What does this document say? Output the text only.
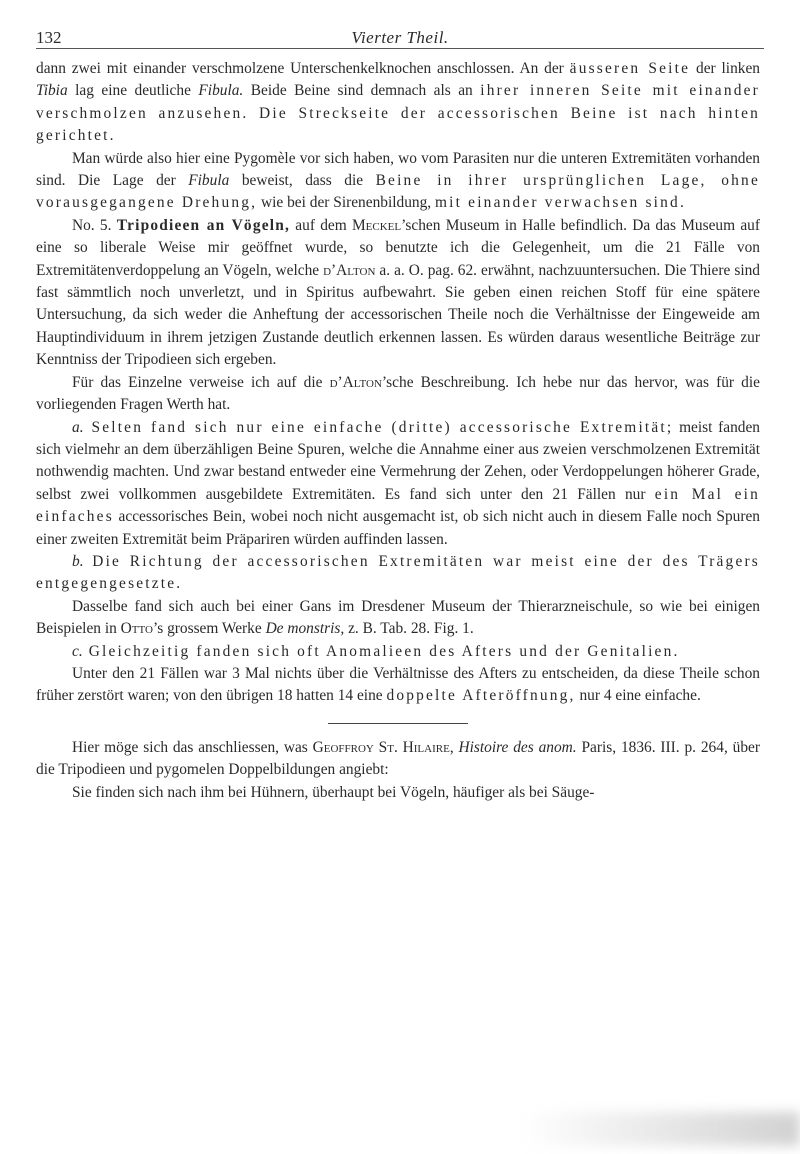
132	Vierter Theil.

dann zwei mit einander verschmolzene Unterschenkelknochen anschlossen. An der äusseren Seite der linken Tibia lag eine deutliche Fibula. Beide Beine sind demnach als an ihrer inneren Seite mit einander verschmolzen anzusehen. Die Streckseite der accessorischen Beine ist nach hinten gerichtet.

Man würde also hier eine Pygomèle vor sich haben, wo vom Parasiten nur die unteren Extremitäten vorhanden sind. Die Lage der Fibula beweist, dass die Beine in ihrer ursprünglichen Lage, ohne vorausgegangene Drehung, wie bei der Sirenenbildung, mit einander verwachsen sind.

No. 5. Tripodieen an Vögeln, auf dem Meckel’schen Museum in Halle befindlich. Da das Museum auf eine so liberale Weise mir geöffnet wurde, so benutzte ich die Gelegenheit, um die 21 Fälle von Extremitätenverdoppelung an Vögeln, welche d’Alton a. a. O. pag. 62. erwähnt, nachzuuntersuchen. Die Thiere sind fast sämmtlich noch unverletzt, und in Spiritus aufbewahrt. Sie geben einen reichen Stoff für eine spätere Untersuchung, da sich weder die Anheftung der accessorischen Theile noch die Verhältnisse der Eingeweide am Hauptindividuum in ihrem jetzigen Zustande deutlich erkennen lassen. Es würden daraus wesentliche Beiträge zur Kenntniss der Tripodieen sich ergeben.

Für das Einzelne verweise ich auf die d’Alton’sche Beschreibung. Ich hebe nur das hervor, was für die vorliegenden Fragen Werth hat.

a. Selten fand sich nur eine einfache (dritte) accessorische Extremität; meist fanden sich vielmehr an dem überzähligen Beine Spuren, welche die Annahme einer aus zweien verschmolzenen Extremität nothwendig machten. Und zwar bestand entweder eine Vermehrung der Zehen, oder Verdoppelungen höherer Grade, selbst zwei vollkommen ausgebildete Extremitäten. Es fand sich unter den 21 Fällen nur ein Mal ein einfaches accessorisches Bein, wobei noch nicht ausgemacht ist, ob sich nicht auch in diesem Falle noch Spuren einer zweiten Extremität beim Präpariren würden auffinden lassen.

b. Die Richtung der accessorischen Extremitäten war meist eine der des Trägers entgegengesetzte.

Dasselbe fand sich auch bei einer Gans im Dresdener Museum der Thierarzneischule, so wie bei einigen Beispielen in Otto’s grossem Werke De monstris, z. B. Tab. 28. Fig. 1.

c. Gleichzeitig fanden sich oft Anomalieen des Afters und der Genitalien.

Unter den 21 Fällen war 3 Mal nichts über die Verhältnisse des Afters zu entscheiden, da diese Theile schon früher zerstört waren; von den übrigen 18 hatten 14 eine doppelte Afteröffnung, nur 4 eine einfache.

Hier möge sich das anschliessen, was Geoffroy St. Hilaire, Histoire des anom. Paris, 1836. III. p. 264, über die Tripodieen und pygomelen Doppelbildungen angiebt:

Sie finden sich nach ihm bei Hühnern, überhaupt bei Vögeln, häufiger als bei Säuge-
